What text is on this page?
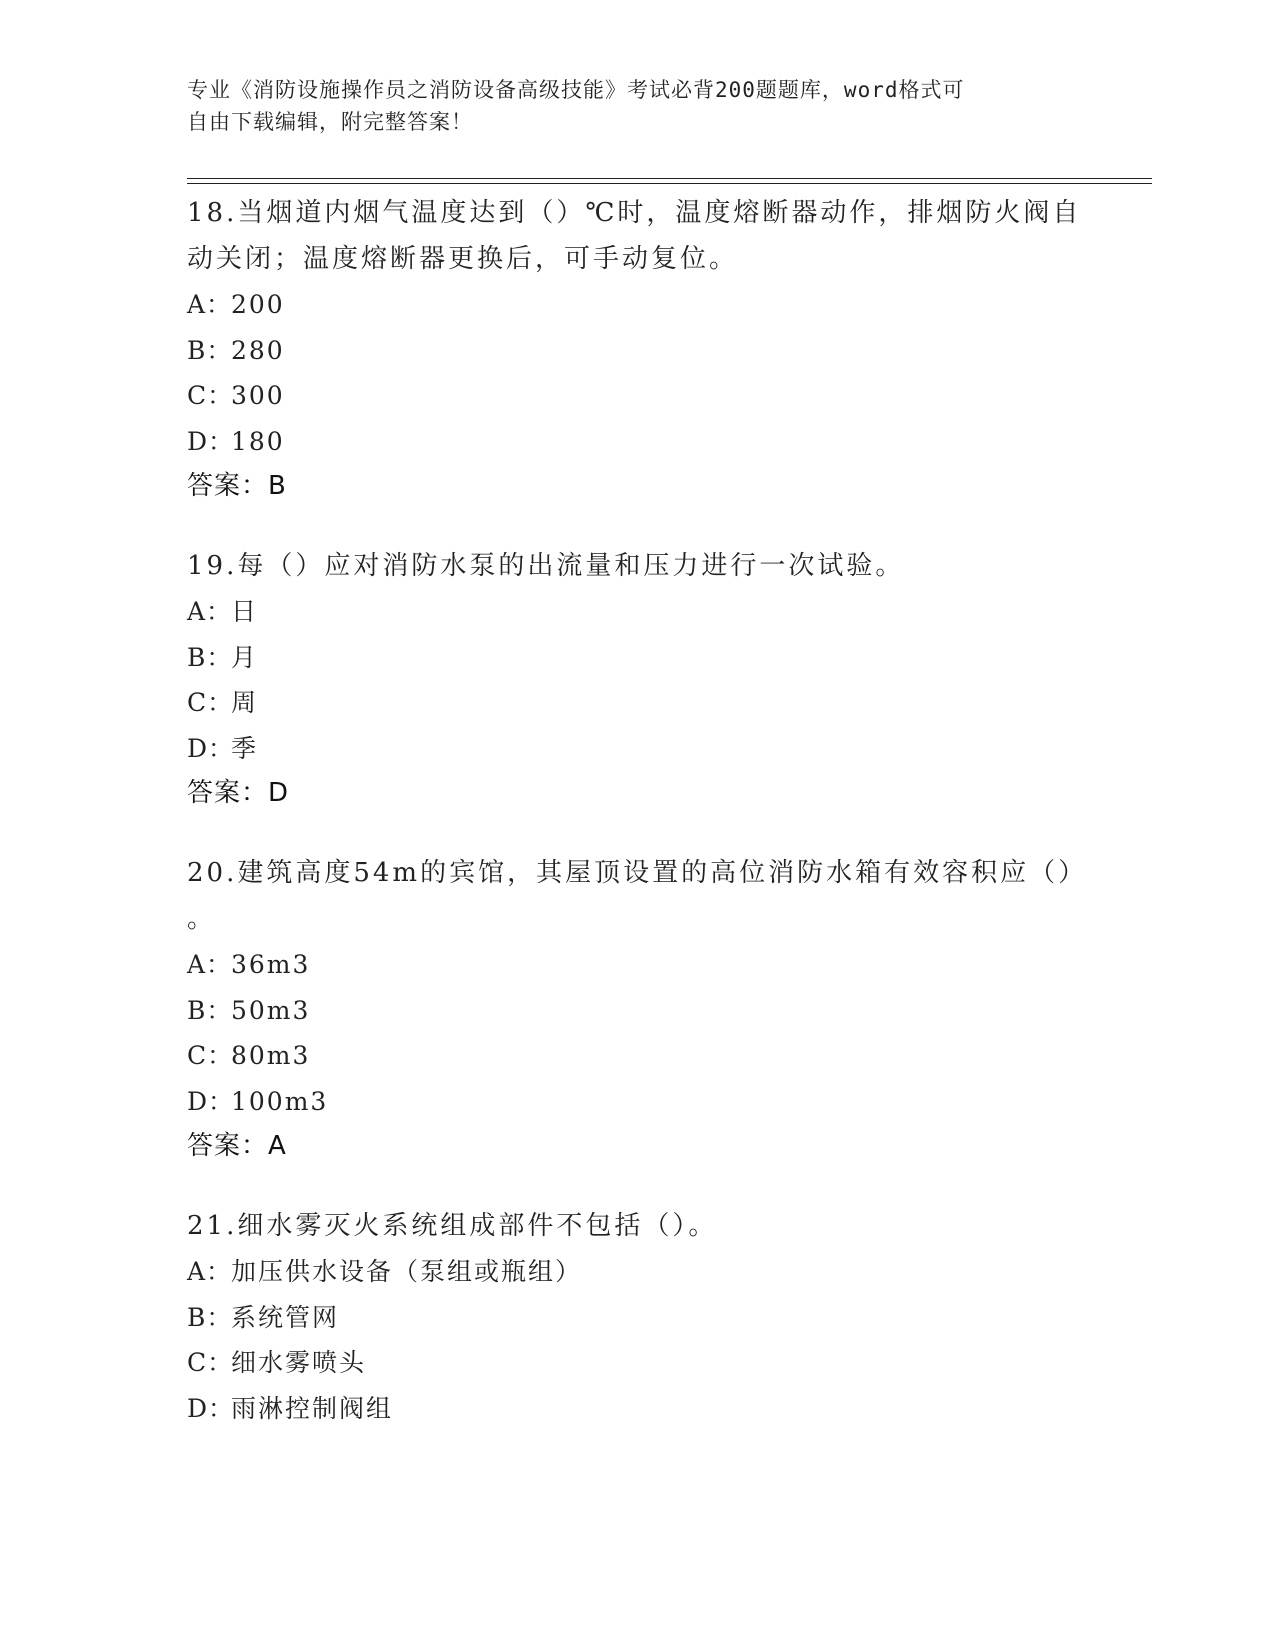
专业《消防设施操作员之消防设备高级技能》考试必背200题题库，word格式可
自由下载编辑，附完整答案！

18.当烟道内烟气温度达到（）℃时，温度熔断器动作，排烟防火阀自

动关闭；温度熔断器更换后，可手动复位。

A：
200

B：
280

C：
300

D：
180

答案：B

19.每（）应对消防水泵的出流量和压力进行一次试验。

A：
日

B：
月

C：
周

D：
季

答案：D

20.建筑高度54m的宾馆，其屋顶设置的高位消防水箱有效容积应（）

。

A：
36m3

B：
50m3

C：
80m3

D：
100m3

答案：A

21.细水雾灭火系统组成部件不包括（）。

A：
加压供水设备（泵组或瓶组）

B：
系统管网

C：
细水雾喷头

D：
雨淋控制阀组
